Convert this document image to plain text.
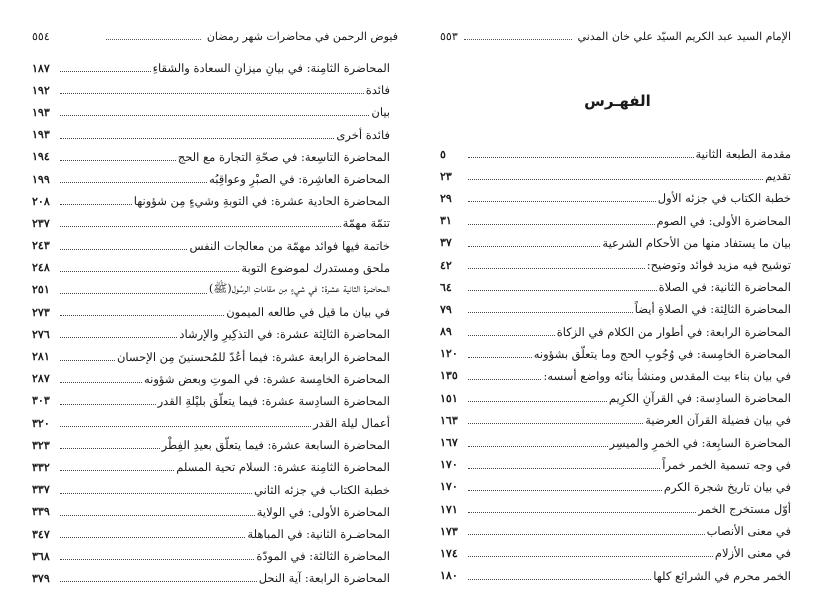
فيوض الرحمن في محاضرات شهر رمضان
٥٥٤
المحاضرة الثامِنة: في بيانِ ميزانِ السعادة والشقاءِ
١٨٧
فائدة
١٩٢
بيان
١٩٣
فائدة أخرى
١٩٣
المحاضرة التاسِعة: في صحّةِ التجارة مع الحج
١٩٤
المحاضرة العاشِرة: في الصبْرِ وعواقِبُه
١٩٩
المحاضرة الحادية عشرة: في التوبةِ وشيءٍ مِن شؤونها
٢٠٨
تتمّة مهمّة
٢٣٧
خاتمة فيها فوائد مهمّة من معالجات النفس
٢٤٣
ملحق ومستدرك لموضوع التوبة
٢٤٨
المحاضرة الثانية عشرة: في شيءٍ مِن مقاماتِ الرسُول(ﷺ)
٢٥١
في بيان ما قيل في طالعه الميمون
٢٧٣
المحاضرة الثالِثة عشرة: في التذكِيرِ والإرشاد
٢٧٦
المحاضرة الرابعة عشرة: فيما أعُدّ للمُحسنينَ مِن الإحسان
٢٨١
المحاضرة الخامِسة عشرة: في الموتِ وبعض شؤونه
٢٨٧
المحاضرة السادِسة عشرة: فيما يتعلّق بليْلةِ القدر
٣٠٣
أعمال ليلة القدر
٣٢٠
المحاضرة السابعة عشرة: فيما يتعلّق بعيدِ الفِطْر
٣٢٣
المحاضرة الثامِنة عشرة: السلام تحية المسلم
٣٣٢
خطبة الكتاب في جزئه الثاني
٣٣٧
المحاضرة الأولى: في الولاية
٣٣٩
المحاضـرة الثانية: في المباهلة
٣٤٧
المحاضرة الثالثة: في المودّة
٣٦٨
المحاضرة الرابعة: آية النحل
٣٧٩
الإمام السيد عبد الكريم السيّد علي خان المدني
٥٥٣
الفهـرس
مقدمة الطبعة الثانية
٥
تقديم
٢٣
خطبة الكتاب في جزئه الأول
٢٩
المحاضرة الأولى: في الصوم
٣١
بيان ما يستفاد منها من الأحكام الشرعية
٣٧
توشيح فيه مزيد فوائد وتوضيح:
٤٢
المحاضرة الثانية: في الصلاة
٦٤
المحاضرة الثالِثة: في الصلاةِ أيضاً
٧٩
المحاضرة الرابعة: في أطوار من الكلام في الزكاة
٨٩
المحاضرة الخامِسة: في وُجُوبِ الحج وما يتعلّق بشؤونه
١٢٠
في بيان بناء بيت المقدس ومنشأ بنائه وواضع أسسه:
١٣٥
المحاضرة السادِسة: في القرآنِ الكرِيم
١٥١
في بيان فضيلة القرآن العرضية
١٦٣
المحاضرة السابِعة: في الخمرِ والميسِر
١٦٧
في وجه تسمية الخمر خمراً
١٧٠
في بيان تاريخ شجرة الكرم
١٧٠
أوّل مستخرج الخمر
١٧١
في معنى الأنصاب
١٧٣
في معنى الأزلام
١٧٤
الخمر محرم في الشرائع كلها
١٨٠
